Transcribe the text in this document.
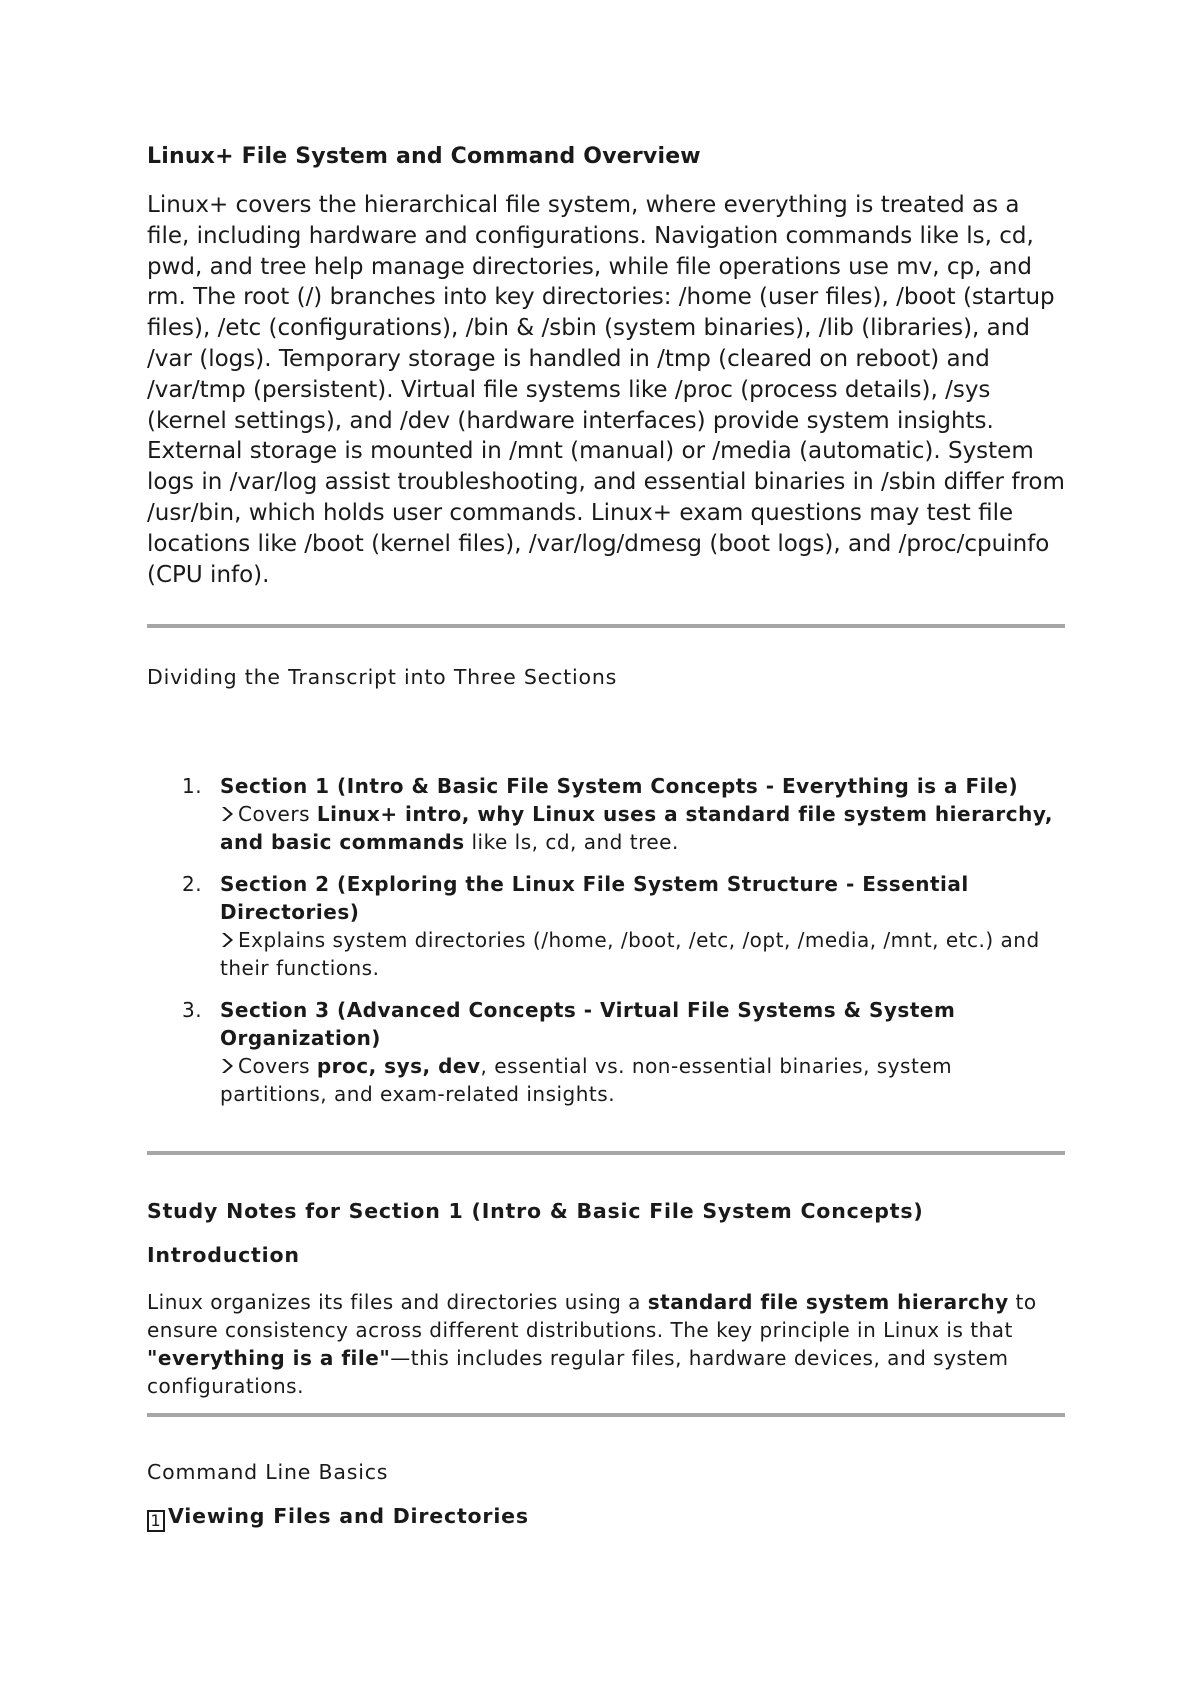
Linux+ File System and Command Overview

Linux+ covers the hierarchical file system, where everything is treated as a file, including hardware and configurations. Navigation commands like ls, cd, pwd, and tree help manage directories, while file operations use mv, cp, and rm. The root (/) branches into key directories: /home (user files), /boot (startup files), /etc (configurations), /bin & /sbin (system binaries), /lib (libraries), and /var (logs). Temporary storage is handled in /tmp (cleared on reboot) and /var/tmp (persistent). Virtual file systems like /proc (process details), /sys (kernel settings), and /dev (hardware interfaces) provide system insights. External storage is mounted in /mnt (manual) or /media (automatic). System logs in /var/log assist troubleshooting, and essential binaries in /sbin differ from /usr/bin, which holds user commands. Linux+ exam questions may test file locations like /boot (kernel files), /var/log/dmesg (boot logs), and /proc/cpuinfo (CPU info).

Dividing the Transcript into Three Sections
1. Section 1 (Intro & Basic File System Concepts - Everything is a File)
Covers Linux+ intro, why Linux uses a standard file system hierarchy, and basic commands like ls, cd, and tree.
2. Section 2 (Exploring the Linux File System Structure - Essential Directories)
Explains system directories (/home, /boot, /etc, /opt, /media, /mnt, etc.) and their functions.
3. Section 3 (Advanced Concepts - Virtual File Systems & System Organization)
Covers proc, sys, dev, essential vs. non-essential binaries, system partitions, and exam-related insights.
Study Notes for Section 1 (Intro & Basic File System Concepts)
Introduction

Linux organizes its files and directories using a standard file system hierarchy to ensure consistency across different distributions. The key principle in Linux is that "everything is a file"—this includes regular files, hardware devices, and system configurations.

Command Line Basics
1 Viewing Files and Directories
